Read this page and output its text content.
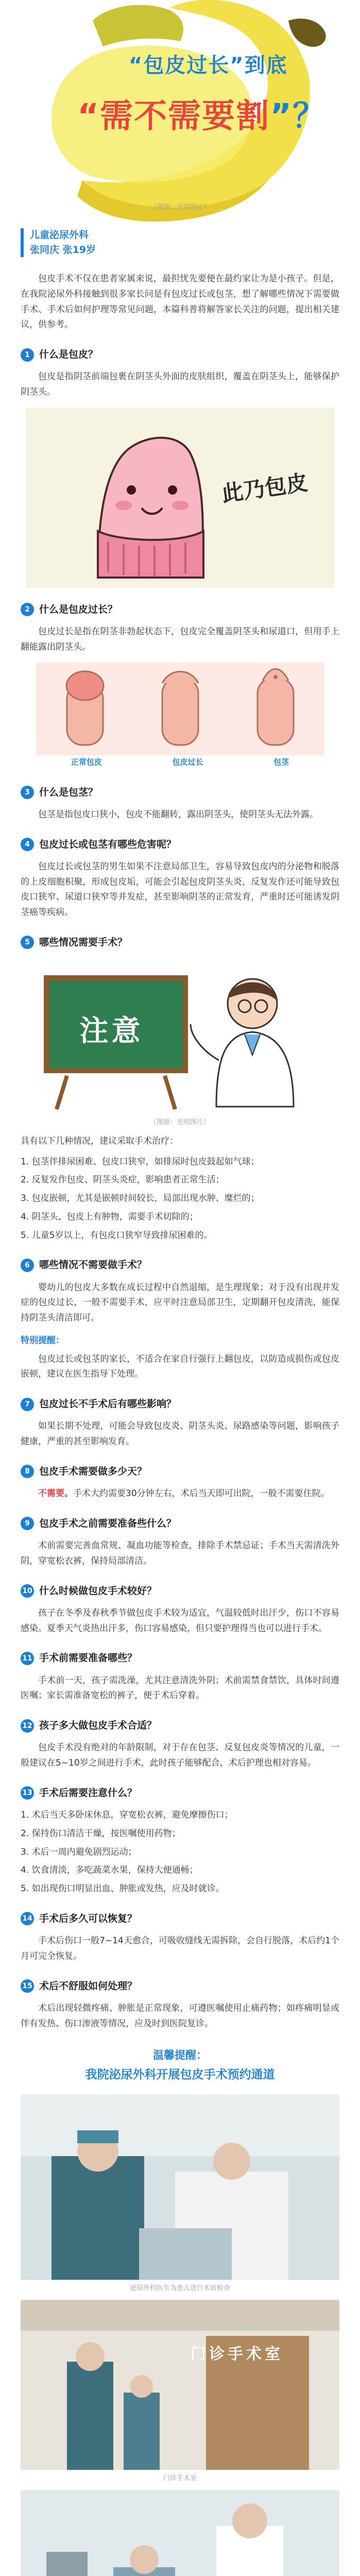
“包皮过长”到底
“需不需要割”？
（图源：光明图片）
儿童泌尿外科
张同庆 张19岁

包皮手术不仅在患者家属来说，最担忧先要便在最约家让为是小孩子。但是，在我院泌尿外科接触到很多家长问是有包皮过长或包茎，想了解哪些情况下需要做手术、手术后如何护理等常见问题，本篇科普将解答家长关注的问题，提出相关建议，供参考。

1 什么是包皮？

包皮是指阴茎前端包裹在阴茎头外面的皮肤组织，覆盖在阴茎头上，能够保护阴茎头。

此乃包皮
2 什么是包皮过长？

包皮过长是指在阴茎非勃起状态下，包皮完全覆盖阴茎头和尿道口，但用手上翻能露出阴茎头。

正常包皮	包皮过长	包茎
3 什么是包茎？

包茎是指包皮口狭小，包皮不能翻转，露出阴茎头，使阴茎头无法外露。

4 包皮过长或包茎有哪些危害呢？

包皮过长或包茎的男生如果不注意局部卫生，容易导致包皮内的分泌物和脱落的上皮细胞积聚，形成包皮垢，可能会引起包皮阴茎头炎，反复发作还可能导致包皮口狭窄、尿道口狭窄等并发症，甚至影响阴茎的正常发育，严重时还可能诱发阴茎癌等疾病。

5 哪些情况需要手术？
注意
（图源：光明图片）

具有以下几种情况，建议采取手术治疗：

1. 包茎伴排尿困难、包皮口狭窄，如排尿时包皮鼓起如气球；

2. 反复发作包皮、阴茎头炎症，影响患者正常生活；

3. 包皮嵌顿，尤其是嵌顿时间较长，局部出现水肿、糜烂的；

4. 阴茎头、包皮上有肿物，需要手术切除的；

5. 儿童5岁以上，有包皮口狭窄导致排尿困难的。

6 哪些情况不需要做手术？

婴幼儿的包皮大多数在成长过程中自然退缩，是生理现象；对于没有出现并发症的包皮过长，一般不需要手术，应平时注意局部卫生，定期翻开包皮清洗，能保持阴茎头清洁即可。

特别提醒：

包皮过长或包茎的家长，不适合在家自行强行上翻包皮，以防造成损伤或包皮嵌顿，建议在医生指导下处理。

7 包皮过长不手术后有哪些影响？

如果长期不处理，可能会导致包皮炎、阴茎头炎、尿路感染等问题，影响孩子健康，严重的甚至影响发育。

8 包皮手术需要做多少天？

不需要。手术大约需要30分钟左右，术后当天即可出院，一般不需要住院。

9 包皮手术之前需要准备些什么？

术前需要完善血常规、凝血功能等检查，排除手术禁忌证；手术当天需清洗外阴，穿宽松衣裤，保持局部清洁。

10 什么时候做包皮手术较好？

孩子在冬季及春秋季节做包皮手术较为适宜，气温较低时出汗少，伤口不容易感染。夏季天气炎热出汗多，伤口容易感染，但只要护理得当也可以进行手术。

11 手术前需要准备哪些？

手术前一天，孩子需洗澡，尤其注意清洗外阴；术前需禁食禁饮，具体时间遵医嘱；家长需准备宽松的裤子，便于术后穿着。

12 孩子多大做包皮手术合适？

包皮手术没有绝对的年龄限制，对于存在包茎、反复包皮炎等情况的儿童，一般建议在5~10岁之间进行手术，此时孩子能够配合，术后护理也相对容易。

13 手术后需要注意什么？

1. 术后当天多卧床休息，穿宽松衣裤，避免摩擦伤口；

2. 保持伤口清洁干燥，按医嘱使用药物；

3. 术后一周内避免剧烈运动；

4. 饮食清淡，多吃蔬菜水果，保持大便通畅；

5. 如出现伤口明显出血、肿胀或发热，应及时就诊。

14 手术后多久可以恢复？

手术后伤口一般7~14天愈合，可吸收缝线无需拆除，会自行脱落，术后约1个月可完全恢复。

15 术后不舒服如何处理？

术后出现轻微疼痛、肿胀是正常现象，可遵医嘱使用止痛药物；如疼痛明显或伴有发热、伤口渗液等情况，应及时到医院复诊。

温馨提醒：
我院泌尿外科开展包皮手术预约通道
泌尿外科医生为患儿进行术前检查
门诊手术室
门诊手术室
